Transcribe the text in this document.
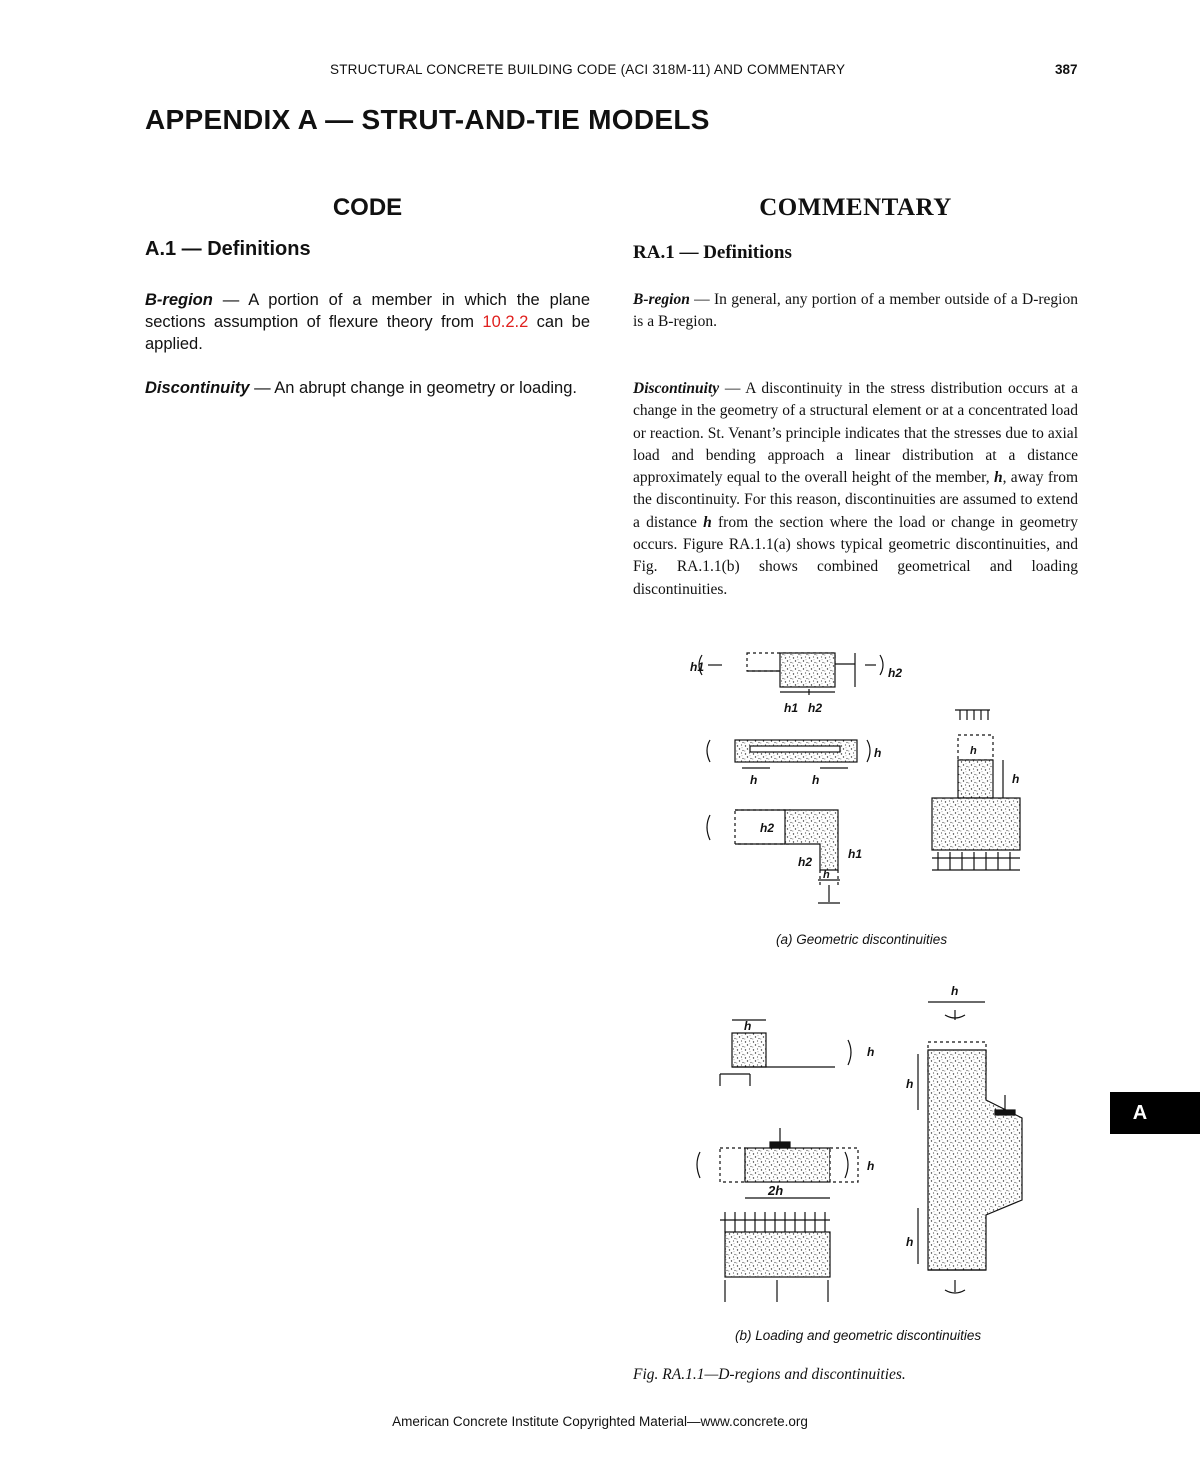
STRUCTURAL CONCRETE BUILDING CODE (ACI 318M-11) AND COMMENTARY	387
APPENDIX A — STRUT-AND-TIE MODELS
CODE	COMMENTARY
A.1 — Definitions	RA.1 — Definitions
B-region — A portion of a member in which the plane sections assumption of flexure theory from 10.2.2 can be applied.
Discontinuity — An abrupt change in geometry or loading.
B-region — In general, any portion of a member outside of a D-region is a B-region.
Discontinuity — A discontinuity in the stress distribution occurs at a change in the geometry of a structural element or at a concentrated load or reaction. St. Venant’s principle indicates that the stresses due to axial load and bending approach a linear distribution at a distance approximately equal to the overall height of the member, h, away from the discontinuity. For this reason, discontinuities are assumed to extend a distance h from the section where the load or change in geometry occurs. Figure RA.1.1(a) shows typical geometric discontinuities, and Fig. RA.1.1(b) shows combined geometrical and loading discontinuities.
h1	h2
h1 h2
h	h
h
h2
h2
h1
h
h
h
h
h
h
2h
h
h
h
(a) Geometric discontinuities
(b) Loading and geometric discontinuities
Fig. RA.1.1—D-regions and discontinuities.
A
American Concrete Institute Copyrighted Material—www.concrete.org
